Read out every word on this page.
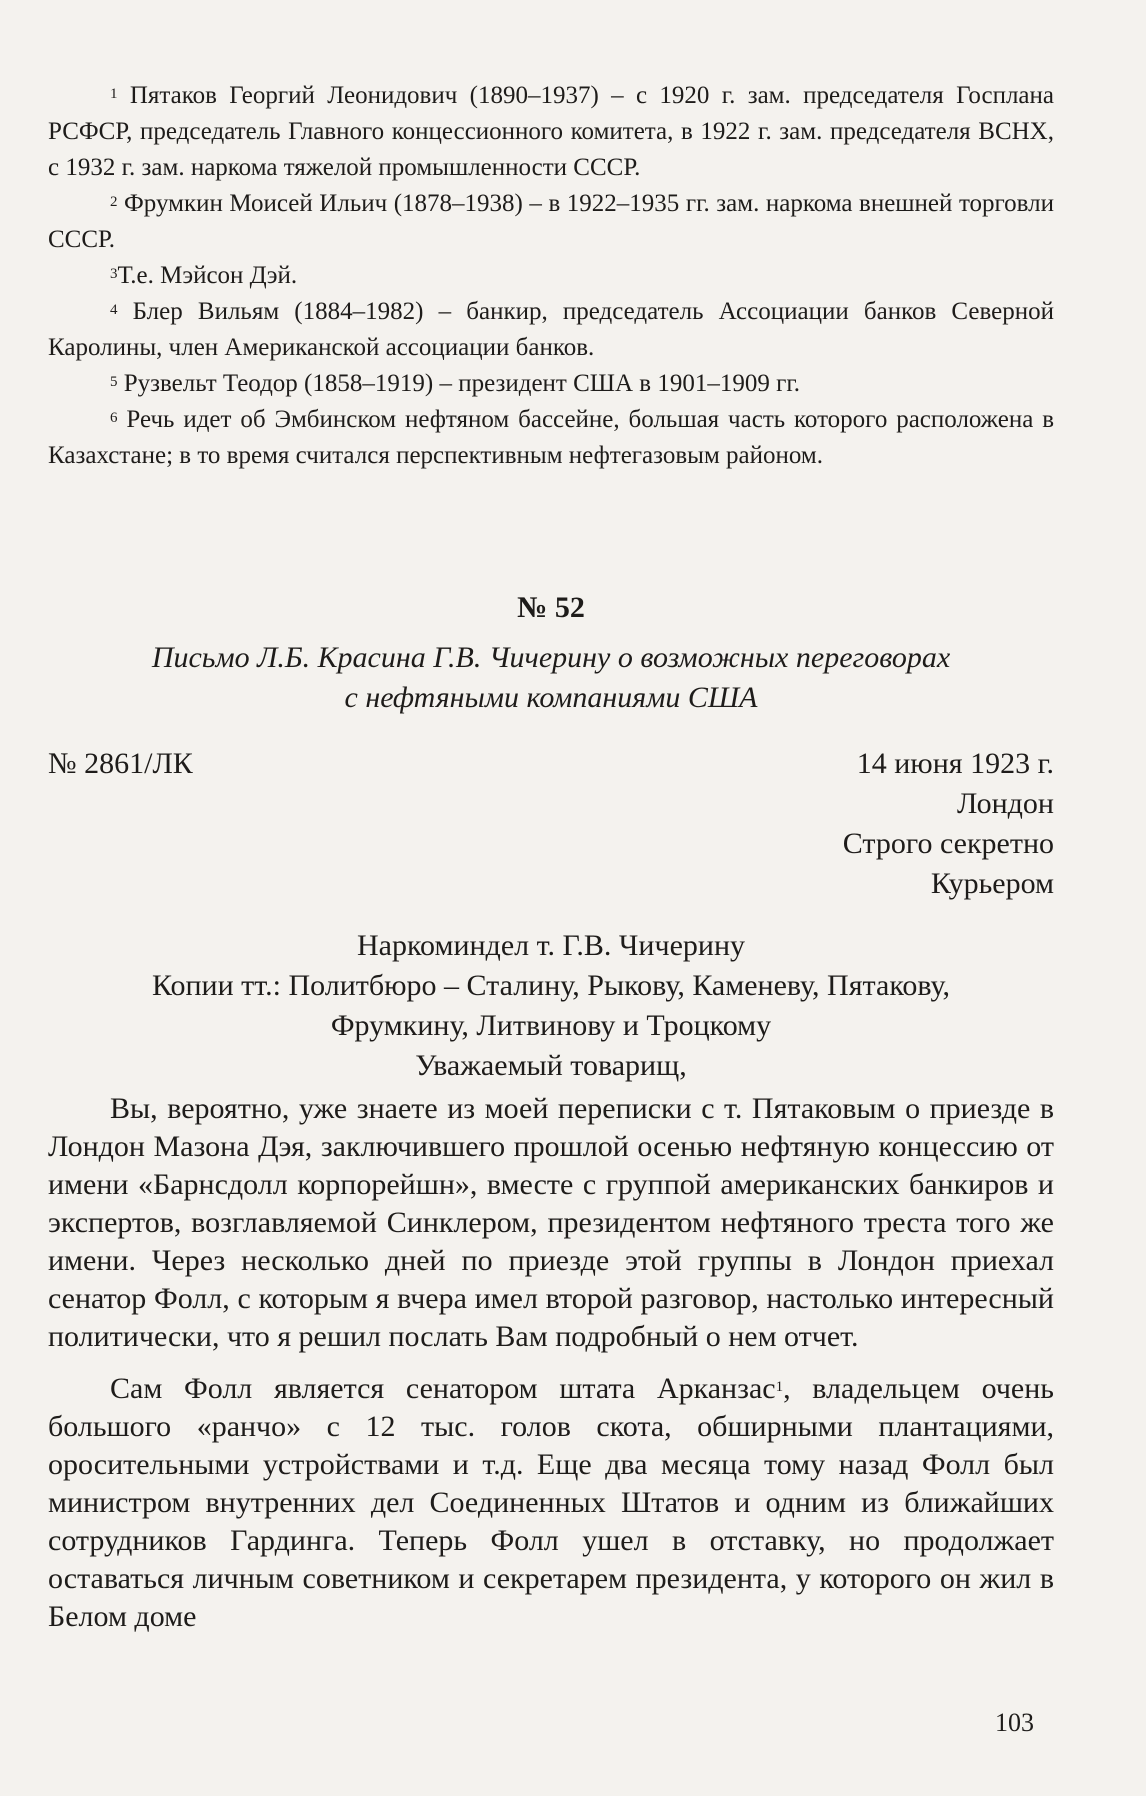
$^1$ Пятаков Георгий Леонидович (1890–1937) – с 1920 г. зам. председателя Госплана РСФСР, председатель Главного концессионного комитета, в 1922 г. зам. председателя ВСНХ, с 1932 г. зам. наркома тяжелой промышленности СССР.

$^2$ Фрумкин Моисей Ильич (1878–1938) – в 1922–1935 гг. зам. наркома внешней торговли СССР.

$^3$Т.е. Мэйсон Дэй.

$^4$ Блер Вильям (1884–1982) – банкир, председатель Ассоциации банков Северной Каролины, член Американской ассоциации банков.

$^5$ Рузвельт Теодор (1858–1919) – президент США в 1901–1909 гг.

$^6$ Речь идет об Эмбинском нефтяном бассейне, большая часть которого расположена в Казахстане; в то время считался перспективным нефтегазовым районом.

№ 52

Письмо Л.Б. Красина Г.В. Чичерину о возможных переговорах

с нефтяными компаниями США

№ 2861/ЛК	14 июня 1923 г.
Лондон
Строго секретно
Курьером
Наркоминдел т. Г.В. Чичерину
Копии тт.: Политбюро – Сталину, Рыкову, Каменеву, Пятакову,
Фрумкину, Литвинову и Троцкому
Уважаемый товарищ,

Вы, вероятно, уже знаете из моей переписки с т. Пятаковым о приезде в Лондон Мазона Дэя, заключившего прошлой осенью нефтяную концессию от имени «Барнсдолл корпорейшн», вместе с группой американских банкиров и экспертов, возглавляемой Синклером, президентом нефтяного треста того же имени. Через несколько дней по приезде этой группы в Лондон приехал сенатор Фолл, с которым я вчера имел второй разговор, настолько интересный политически, что я решил послать Вам подробный о нем отчет.

Сам Фолл является сенатором штата Арканзас$^1$, владельцем очень большого «ранчо» с 12 тыс. голов скота, обширными плантациями, оросительными устройствами и т.д. Еще два месяца тому назад Фолл был министром внутренних дел Соединенных Штатов и одним из ближайших сотрудников Гардинга. Теперь Фолл ушел в отставку, но продолжает оставаться личным советником и секретарем президента, у которого он жил в Белом доме

103
